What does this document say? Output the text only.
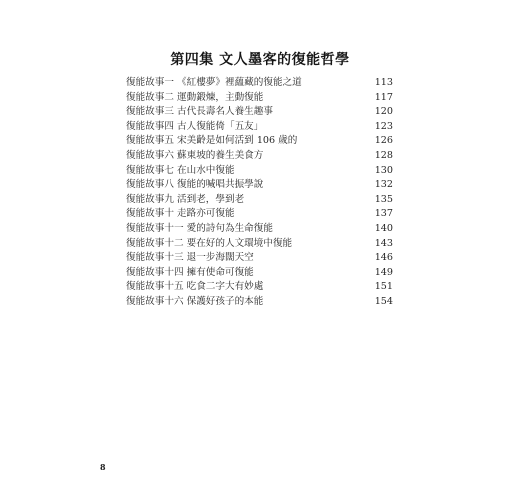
第四集 文人墨客的復能哲學
復能故事一 《紅樓夢》裡蘊藏的復能之道	113
復能故事二 運動鍛煉，主動復能	117
復能故事三 古代長壽名人養生趣事	120
復能故事四 古人復能倚「五友」	123
復能故事五 宋美齡是如何活到 106 歲的	126
復能故事六 蘇東坡的養生美食方	128
復能故事七 在山水中復能	130
復能故事八 復能的喊唱共振學說	132
復能故事九 活到老，學到老	135
復能故事十 走路亦可復能	137
復能故事十一 愛的詩句為生命復能	140
復能故事十二 要在好的人文環境中復能	143
復能故事十三 退一步海闊天空	146
復能故事十四 擁有使命可復能	149
復能故事十五 吃食二字大有妙處	151
復能故事十六 保護好孩子的本能	154
8
